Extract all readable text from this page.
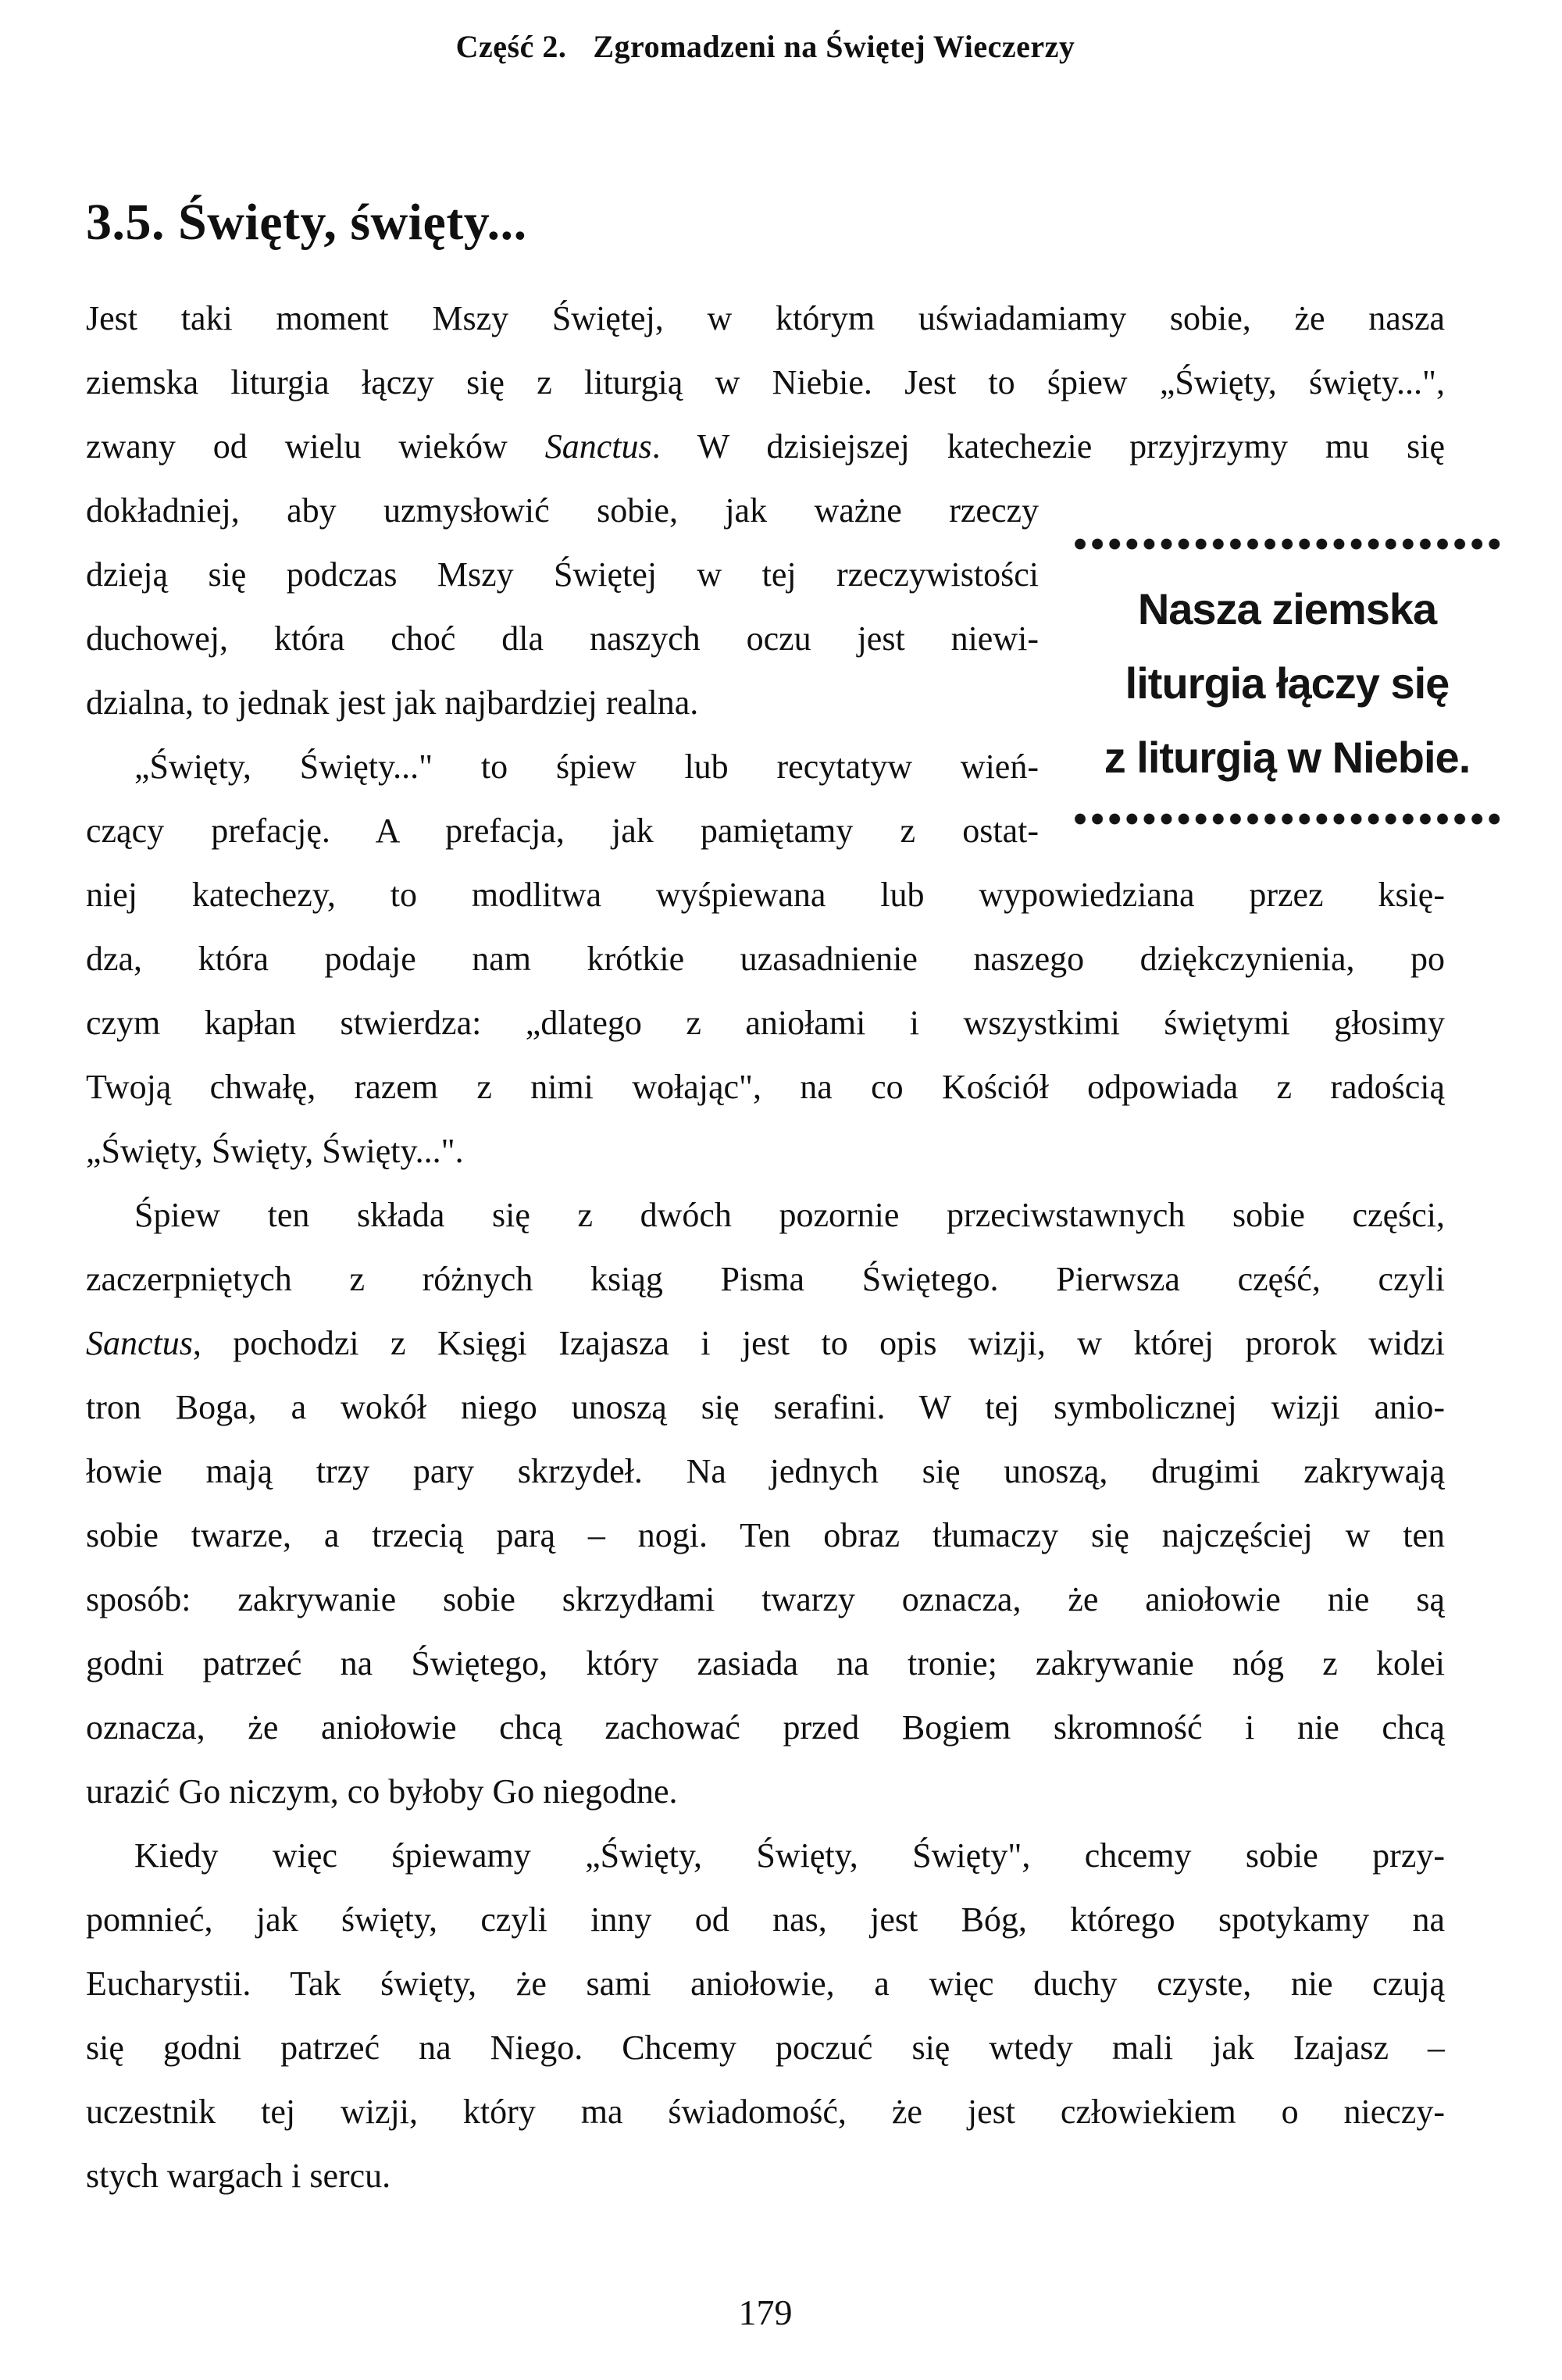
Część 2. Zgromadzeni na Świętej Wieczerzy
3.5. Święty, święty...
Jest taki moment Mszy Świętej, w którym uświadamiamy sobie, że nasza
ziemska liturgia łączy się z liturgią w Niebie. Jest to śpiew „Święty, święty...",
zwany od wielu wieków Sanctus. W dzisiejszej katechezie przyjrzymy mu się
dokładniej, aby uzmysłowić sobie, jak ważne rzeczy
dzieją się podczas Mszy Świętej w tej rzeczywistości
duchowej, która choć dla naszych oczu jest niewi-
dzialna, to jednak jest jak najbardziej realna.
„Święty, Święty..." to śpiew lub recytatyw wień-
czący prefację. A prefacja, jak pamiętamy z ostat-
niej katechezy, to modlitwa wyśpiewana lub wypowiedziana przez księ-
dza, która podaje nam krótkie uzasadnienie naszego dziękczynienia, po
czym kapłan stwierdza: „dlatego z aniołami i wszystkimi świętymi głosimy
Twoją chwałę, razem z nimi wołając", na co Kościół odpowiada z radością
„Święty, Święty, Święty...".
Śpiew ten składa się z dwóch pozornie przeciwstawnych sobie części,
zaczerpniętych z różnych ksiąg Pisma Świętego. Pierwsza część, czyli
Sanctus, pochodzi z Księgi Izajasza i jest to opis wizji, w której prorok widzi
tron Boga, a wokół niego unoszą się serafini. W tej symbolicznej wizji anio-
łowie mają trzy pary skrzydeł. Na jednych się unoszą, drugimi zakrywają
sobie twarze, a trzecią parą – nogi. Ten obraz tłumaczy się najczęściej w ten
sposób: zakrywanie sobie skrzydłami twarzy oznacza, że aniołowie nie są
godni patrzeć na Świętego, który zasiada na tronie; zakrywanie nóg z kolei
oznacza, że aniołowie chcą zachować przed Bogiem skromność i nie chcą
urazić Go niczym, co byłoby Go niegodne.
Kiedy więc śpiewamy „Święty, Święty, Święty", chcemy sobie przy-
pomnieć, jak święty, czyli inny od nas, jest Bóg, którego spotykamy na
Eucharystii. Tak święty, że sami aniołowie, a więc duchy czyste, nie czują
się godni patrzeć na Niego. Chcemy poczuć się wtedy mali jak Izajasz –
uczestnik tej wizji, który ma świadomość, że jest człowiekiem o nieczy-
stych wargach i sercu.
Nasza ziemska
liturgia łączy się
z liturgią w Niebie.
179
